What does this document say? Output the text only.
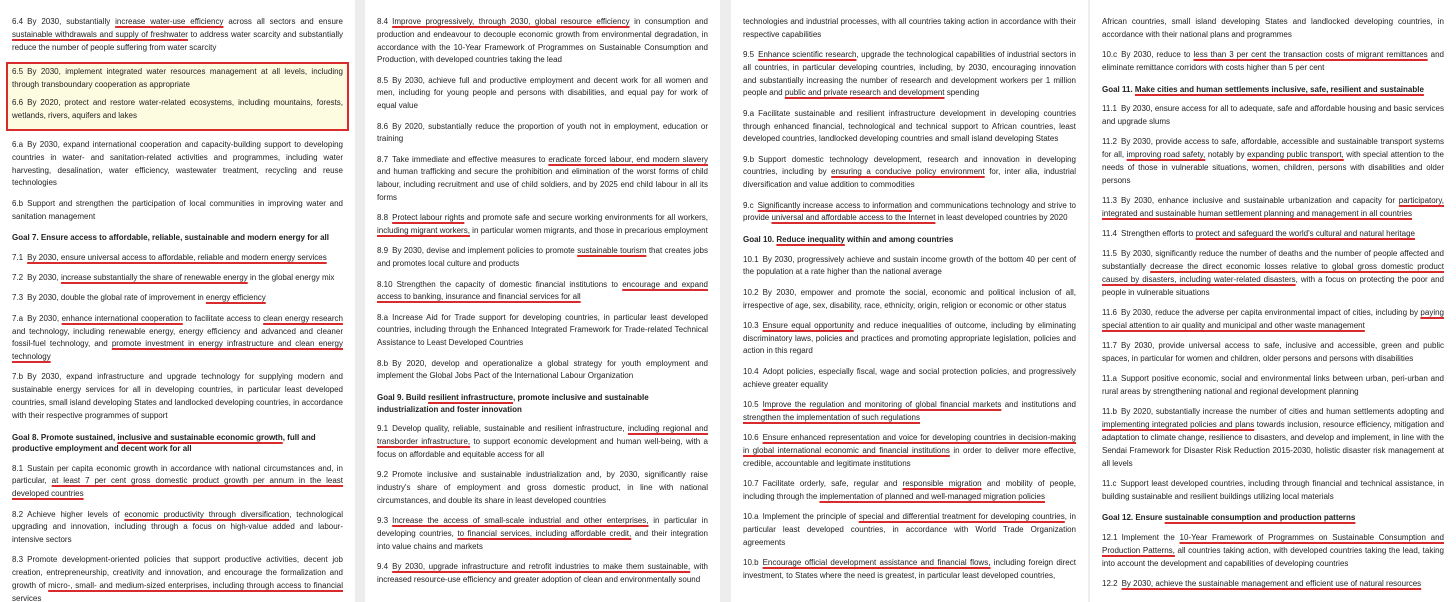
6.4 By 2030, substantially increase water-use efficiency across all sectors and ensure sustainable withdrawals and supply of freshwater to address water scarcity and substantially reduce the number of people suffering from water scarcity

6.5 By 2030, implement integrated water resources management at all levels, including through transboundary cooperation as appropriate

6.6 By 2020, protect and restore water-related ecosystems, including mountains, forests, wetlands, rivers, aquifers and lakes

6.a By 2030, expand international cooperation and capacity-building support to developing countries in water- and sanitation-related activities and programmes, including water harvesting, desalination, water efficiency, wastewater treatment, recycling and reuse technologies

6.b Support and strengthen the participation of local communities in improving water and sanitation management

Goal 7. Ensure access to affordable, reliable, sustainable and modern energy for all

7.1 By 2030, ensure universal access to affordable, reliable and modern energy services

7.2 By 2030, increase substantially the share of renewable energy in the global energy mix

7.3 By 2030, double the global rate of improvement in energy efficiency

7.a By 2030, enhance international cooperation to facilitate access to clean energy research and technology, including renewable energy, energy efficiency and advanced and cleaner fossil-fuel technology, and promote investment in energy infrastructure and clean energy technology

7.b By 2030, expand infrastructure and upgrade technology for supplying modern and sustainable energy services for all in developing countries, in particular least developed countries, small island developing States and landlocked developing countries, in accordance with their respective programmes of support

Goal 8. Promote sustained, inclusive and sustainable economic growth, full and productive employment and decent work for all

8.1 Sustain per capita economic growth in accordance with national circumstances and, in particular, at least 7 per cent gross domestic product growth per annum in the least developed countries

8.2 Achieve higher levels of economic productivity through diversification, technological upgrading and innovation, including through a focus on high-value added and labour-intensive sectors

8.3 Promote development-oriented policies that support productive activities, decent job creation, entrepreneurship, creativity and innovation, and encourage the formalization and growth of micro-, small- and medium-sized enterprises, including through access to financial services

8.4 Improve progressively, through 2030, global resource efficiency in consumption and production and endeavour to decouple economic growth from environmental degradation, in accordance with the 10-Year Framework of Programmes on Sustainable Consumption and Production, with developed countries taking the lead

8.5 By 2030, achieve full and productive employment and decent work for all women and men, including for young people and persons with disabilities, and equal pay for work of equal value

8.6 By 2020, substantially reduce the proportion of youth not in employment, education or training

8.7 Take immediate and effective measures to eradicate forced labour, end modern slavery and human trafficking and secure the prohibition and elimination of the worst forms of child labour, including recruitment and use of child soldiers, and by 2025 end child labour in all its forms

8.8 Protect labour rights and promote safe and secure working environments for all workers, including migrant workers, in particular women migrants, and those in precarious employment

8.9 By 2030, devise and implement policies to promote sustainable tourism that creates jobs and promotes local culture and products

8.10 Strengthen the capacity of domestic financial institutions to encourage and expand access to banking, insurance and financial services for all

8.a Increase Aid for Trade support for developing countries, in particular least developed countries, including through the Enhanced Integrated Framework for Trade-related Technical Assistance to Least Developed Countries

8.b By 2020, develop and operationalize a global strategy for youth employment and implement the Global Jobs Pact of the International Labour Organization

Goal 9. Build resilient infrastructure, promote inclusive and sustainable industrialization and foster innovation

9.1 Develop quality, reliable, sustainable and resilient infrastructure, including regional and transborder infrastructure, to support economic development and human well-being, with a focus on affordable and equitable access for all

9.2 Promote inclusive and sustainable industrialization and, by 2030, significantly raise industry's share of employment and gross domestic product, in line with national circumstances, and double its share in least developed countries

9.3 Increase the access of small-scale industrial and other enterprises, in particular in developing countries, to financial services, including affordable credit, and their integration into value chains and markets

9.4 By 2030, upgrade infrastructure and retrofit industries to make them sustainable, with increased resource-use efficiency and greater adoption of clean and environmentally sound

technologies and industrial processes, with all countries taking action in accordance with their respective capabilities

9.5 Enhance scientific research, upgrade the technological capabilities of industrial sectors in all countries, in particular developing countries, including, by 2030, encouraging innovation and substantially increasing the number of research and development workers per 1 million people and public and private research and development spending

9.a Facilitate sustainable and resilient infrastructure development in developing countries through enhanced financial, technological and technical support to African countries, least developed countries, landlocked developing countries and small island developing States

9.b Support domestic technology development, research and innovation in developing countries, including by ensuring a conducive policy environment for, inter alia, industrial diversification and value addition to commodities

9.c Significantly increase access to information and communications technology and strive to provide universal and affordable access to the Internet in least developed countries by 2020

Goal 10. Reduce inequality within and among countries

10.1 By 2030, progressively achieve and sustain income growth of the bottom 40 per cent of the population at a rate higher than the national average

10.2 By 2030, empower and promote the social, economic and political inclusion of all, irrespective of age, sex, disability, race, ethnicity, origin, religion or economic or other status

10.3 Ensure equal opportunity and reduce inequalities of outcome, including by eliminating discriminatory laws, policies and practices and promoting appropriate legislation, policies and action in this regard

10.4 Adopt policies, especially fiscal, wage and social protection policies, and progressively achieve greater equality

10.5 Improve the regulation and monitoring of global financial markets and institutions and strengthen the implementation of such regulations

10.6 Ensure enhanced representation and voice for developing countries in decision-making in global international economic and financial institutions in order to deliver more effective, credible, accountable and legitimate institutions

10.7 Facilitate orderly, safe, regular and responsible migration and mobility of people, including through the implementation of planned and well-managed migration policies

10.a Implement the principle of special and differential treatment for developing countries, in particular least developed countries, in accordance with World Trade Organization agreements

10.b Encourage official development assistance and financial flows, including foreign direct investment, to States where the need is greatest, in particular least developed countries,

African countries, small island developing States and landlocked developing countries, in accordance with their national plans and programmes

10.c By 2030, reduce to less than 3 per cent the transaction costs of migrant remittances and eliminate remittance corridors with costs higher than 5 per cent

Goal 11. Make cities and human settlements inclusive, safe, resilient and sustainable

11.1 By 2030, ensure access for all to adequate, safe and affordable housing and basic services and upgrade slums

11.2 By 2030, provide access to safe, affordable, accessible and sustainable transport systems for all, improving road safety, notably by expanding public transport, with special attention to the needs of those in vulnerable situations, women, children, persons with disabilities and older persons

11.3 By 2030, enhance inclusive and sustainable urbanization and capacity for participatory, integrated and sustainable human settlement planning and management in all countries

11.4 Strengthen efforts to protect and safeguard the world's cultural and natural heritage

11.5 By 2030, significantly reduce the number of deaths and the number of people affected and substantially decrease the direct economic losses relative to global gross domestic product caused by disasters, including water-related disasters, with a focus on protecting the poor and people in vulnerable situations

11.6 By 2030, reduce the adverse per capita environmental impact of cities, including by paying special attention to air quality and municipal and other waste management

11.7 By 2030, provide universal access to safe, inclusive and accessible, green and public spaces, in particular for women and children, older persons and persons with disabilities

11.a Support positive economic, social and environmental links between urban, peri-urban and rural areas by strengthening national and regional development planning

11.b By 2020, substantially increase the number of cities and human settlements adopting and implementing integrated policies and plans towards inclusion, resource efficiency, mitigation and adaptation to climate change, resilience to disasters, and develop and implement, in line with the Sendai Framework for Disaster Risk Reduction 2015-2030, holistic disaster risk management at all levels

11.c Support least developed countries, including through financial and technical assistance, in building sustainable and resilient buildings utilizing local materials

Goal 12. Ensure sustainable consumption and production patterns

12.1 Implement the 10-Year Framework of Programmes on Sustainable Consumption and Production Patterns, all countries taking action, with developed countries taking the lead, taking into account the development and capabilities of developing countries

12.2 By 2030, achieve the sustainable management and efficient use of natural resources
